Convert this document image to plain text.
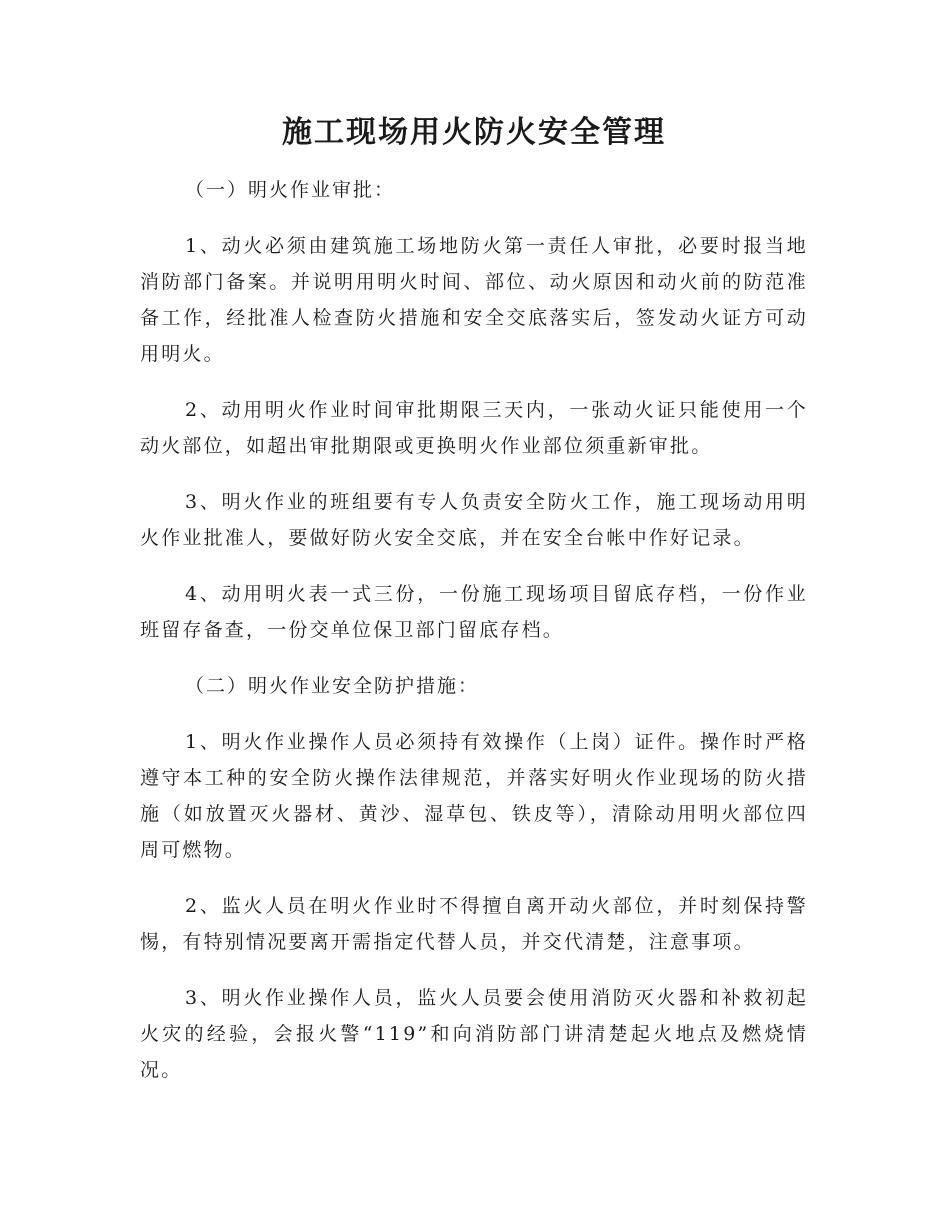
施工现场用火防火安全管理

（一）明火作业审批：

1、动火必须由建筑施工场地防火第一责任人审批，必要时报当地消防部门备案。并说明用明火时间、部位、动火原因和动火前的防范准备工作，经批准人检查防火措施和安全交底落实后，签发动火证方可动用明火。

2、动用明火作业时间审批期限三天内，一张动火证只能使用一个动火部位，如超出审批期限或更换明火作业部位须重新审批。

3、明火作业的班组要有专人负责安全防火工作，施工现场动用明火作业批准人，要做好防火安全交底，并在安全台帐中作好记录。

4、动用明火表一式三份，一份施工现场项目留底存档，一份作业班留存备查，一份交单位保卫部门留底存档。

（二）明火作业安全防护措施：

1、明火作业操作人员必须持有效操作（上岗）证件。操作时严格遵守本工种的安全防火操作法律规范，并落实好明火作业现场的防火措施（如放置灭火器材、黄沙、湿草包、铁皮等），清除动用明火部位四周可燃物。

2、监火人员在明火作业时不得擅自离开动火部位，并时刻保持警惕，有特别情况要离开需指定代替人员，并交代清楚，注意事项。

3、明火作业操作人员，监火人员要会使用消防灭火器和补救初起火灾的经验，会报火警“119”和向消防部门讲清楚起火地点及燃烧情况。
